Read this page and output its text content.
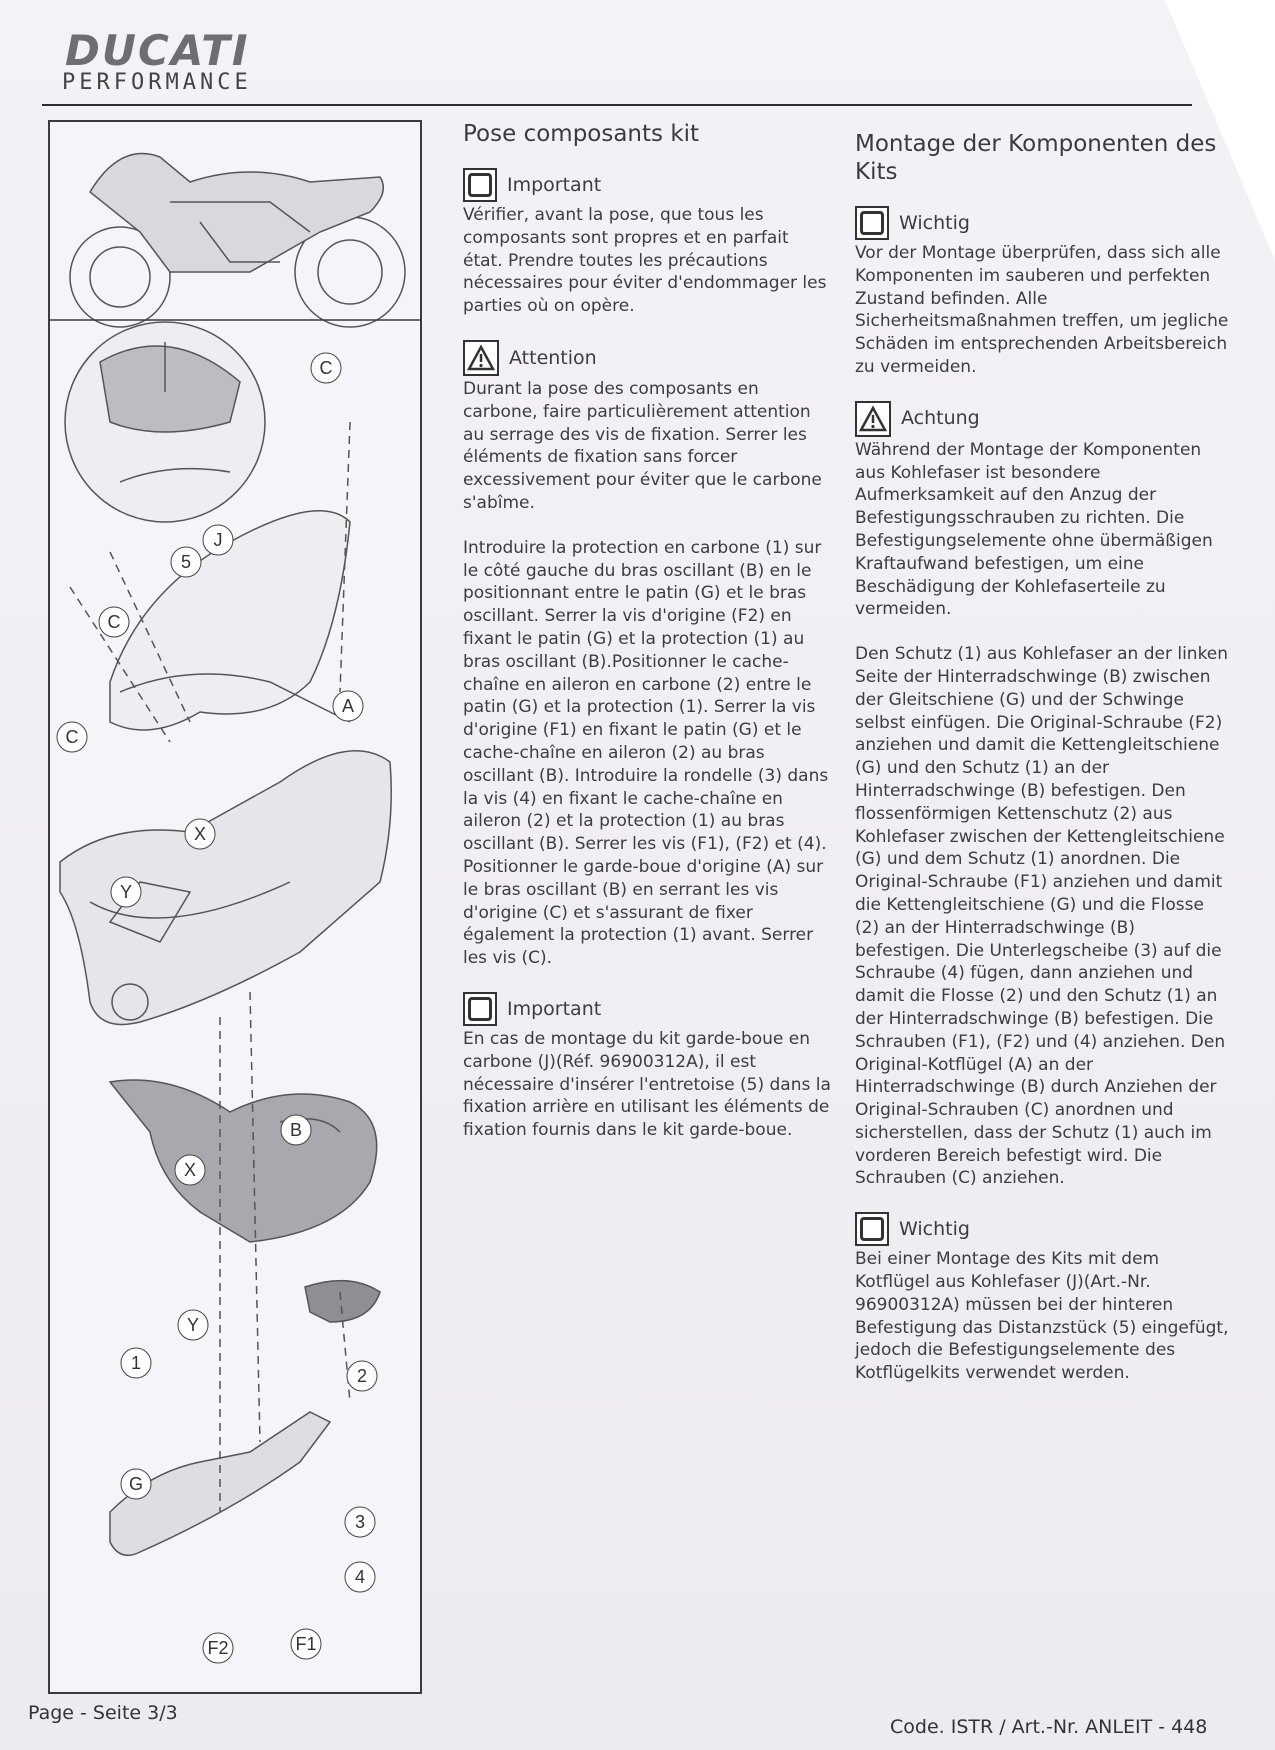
DUCATI
PERFORMANCE
C
5
J
C
C
A
X
Y
B
X
Y
1
2
G
3
4
F2	F1
Pose composants kit
Important
Vérifier, avant la pose, que tous les composants sont propres et en parfait état. Prendre toutes les précautions nécessaires pour éviter d'endommager les parties où on opère.
Attention
Durant la pose des composants en carbone, faire particulièrement attention au serrage des vis de fixation. Serrer les éléments de fixation sans forcer excessivement pour éviter que le carbone s'abîme.

Introduire la protection en carbone (1) sur le côté gauche du bras oscillant (B) en le positionnant entre le patin (G) et le bras oscillant. Serrer la vis d'origine (F2) en fixant le patin (G) et la protection (1) au bras oscillant (B).Positionner le cache-chaîne en aileron en carbone (2) entre le patin (G) et la protection (1). Serrer la vis d'origine (F1) en fixant le patin (G) et le cache-chaîne en aileron (2) au bras oscillant (B). Introduire la rondelle (3) dans la vis (4) en fixant le cache-chaîne en aileron (2) et la protection (1) au bras oscillant (B). Serrer les vis (F1), (F2) et (4). Positionner le garde-boue d'origine (A) sur le bras oscillant (B) en serrant les vis d'origine (C) et s'assurant de fixer également la protection (1) avant. Serrer les vis (C).

Important
En cas de montage du kit garde-boue en carbone (J)(Réf. 96900312A), il est nécessaire d'insérer l'entretoise (5) dans la fixation arrière en utilisant les éléments de fixation fournis dans le kit garde-boue.
Montage der Komponenten des Kits
Wichtig
Vor der Montage überprüfen, dass sich alle Komponenten im sauberen und perfekten Zustand befinden. Alle Sicherheitsmaßnahmen treffen, um jegliche Schäden im entsprechenden Arbeitsbereich zu vermeiden.
Achtung
Während der Montage der Komponenten aus Kohlefaser ist besondere Aufmerksamkeit auf den Anzug der Befestigungsschrauben zu richten. Die Befestigungselemente ohne übermäßigen Kraftaufwand befestigen, um eine Beschädigung der Kohlefaserteile zu vermeiden.

Den Schutz (1) aus Kohlefaser an der linken Seite der Hinterradschwinge (B) zwischen der Gleitschiene (G) und der Schwinge selbst einfügen. Die Original-Schraube (F2) anziehen und damit die Kettengleitschiene (G) und den Schutz (1) an der Hinterradschwinge (B) befestigen. Den flossenförmigen Kettenschutz (2) aus Kohlefaser zwischen der Kettengleitschiene (G) und dem Schutz (1) anordnen. Die Original-Schraube (F1) anziehen und damit die Kettengleitschiene (G) und die Flosse (2) an der Hinterradschwinge (B) befestigen. Die Unterlegscheibe (3) auf die Schraube (4) fügen, dann anziehen und damit die Flosse (2) und den Schutz (1) an der Hinterradschwinge (B) befestigen. Die Schrauben (F1), (F2) und (4) anziehen. Den Original-Kotflügel (A) an der Hinterradschwinge (B) durch Anziehen der Original-Schrauben (C) anordnen und sicherstellen, dass der Schutz (1) auch im vorderen Bereich befestigt wird. Die Schrauben (C) anziehen.

Wichtig
Bei einer Montage des Kits mit dem Kotflügel aus Kohlefaser (J)(Art.-Nr. 96900312A) müssen bei der hinteren Befestigung das Distanzstück (5) eingefügt, jedoch die Befestigungselemente des Kotflügelkits verwendet werden.
Page - Seite 3/3
Code. ISTR / Art.-Nr. ANLEIT - 448
